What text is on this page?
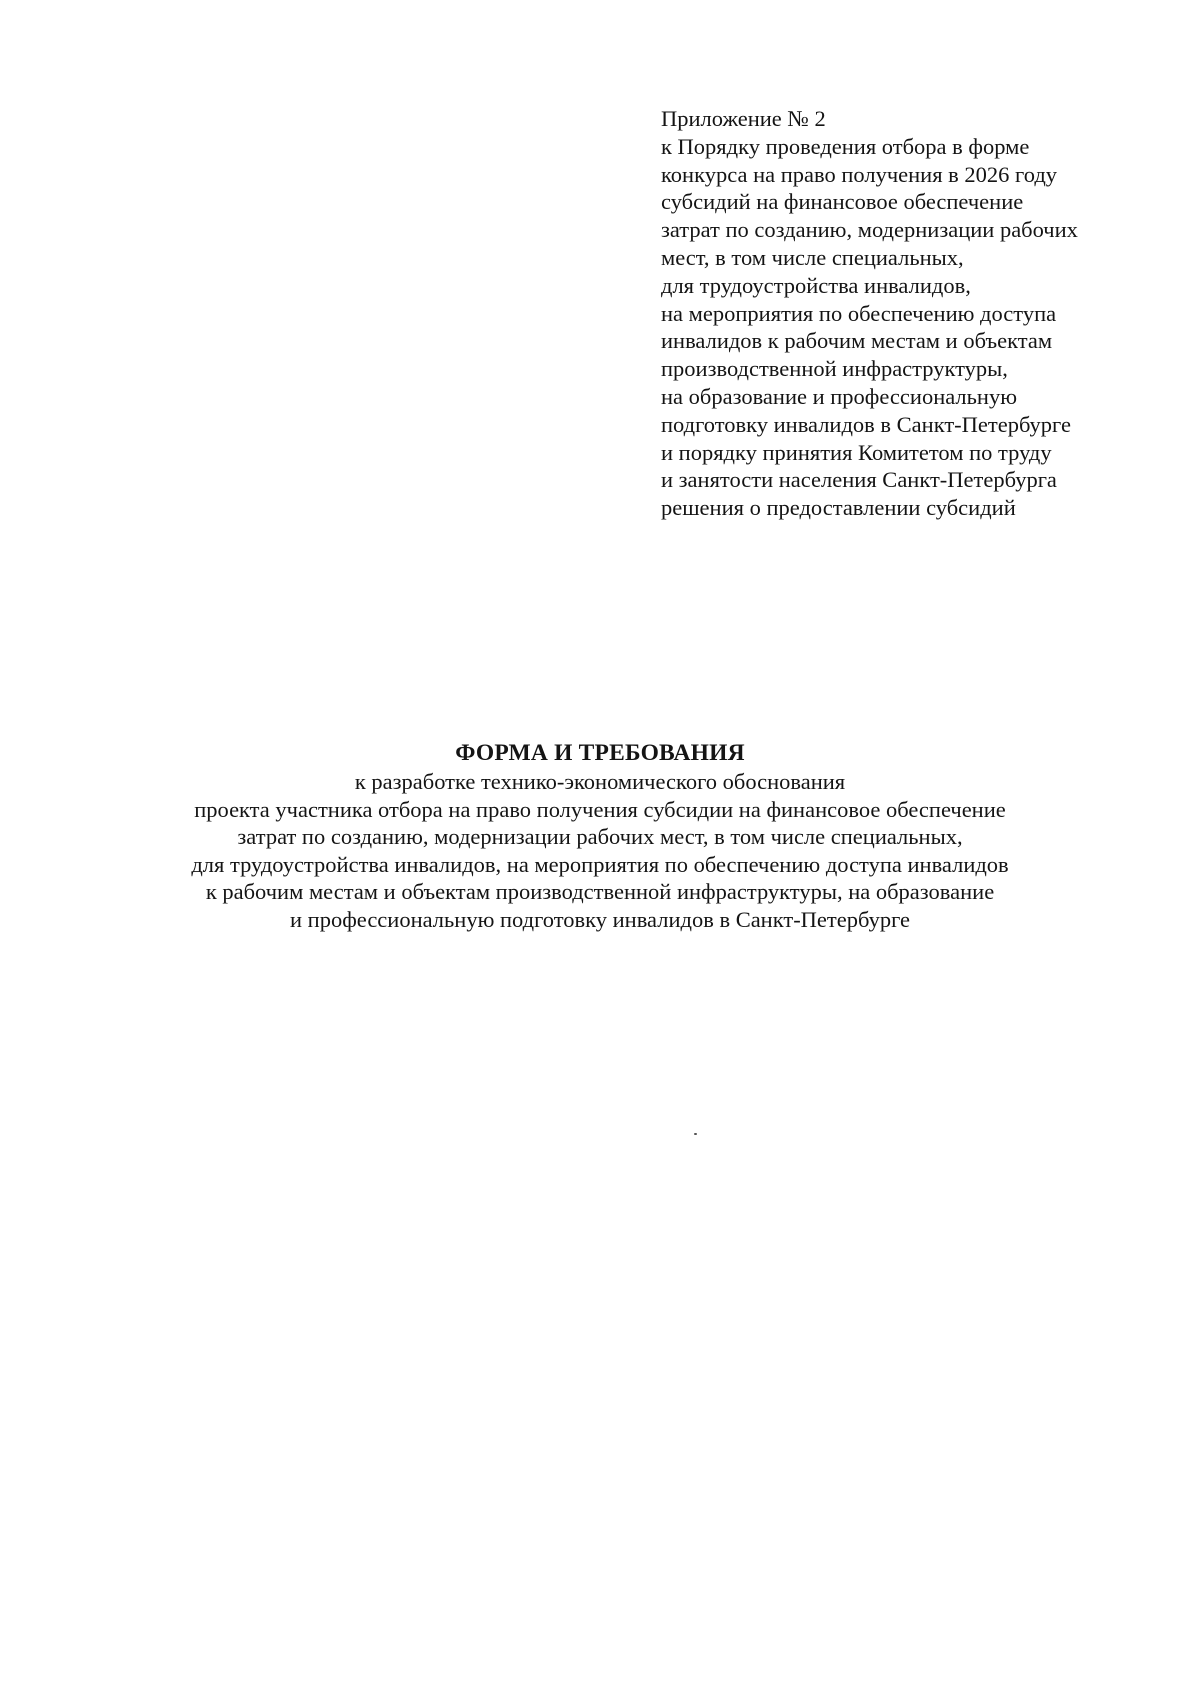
Приложение № 2
к Порядку проведения отбора в форме
конкурса на право получения в 2026 году
субсидий на финансовое обеспечение
затрат по созданию, модернизации рабочих
мест, в том числе специальных,
для трудоустройства инвалидов,
на мероприятия по обеспечению доступа
инвалидов к рабочим местам и объектам
производственной инфраструктуры,
на образование и профессиональную
подготовку инвалидов в Санкт-Петербурге
и порядку принятия Комитетом по труду
и занятости населения Санкт-Петербурга
решения о предоставлении субсидий
ФОРМА И ТРЕБОВАНИЯ
к разработке технико-экономического обоснования
проекта участника отбора на право получения субсидии на финансовое обеспечение
затрат по созданию, модернизации рабочих мест, в том числе специальных,
для трудоустройства инвалидов, на мероприятия по обеспечению доступа инвалидов
к рабочим местам и объектам производственной инфраструктуры, на образование
и профессиональную подготовку инвалидов в Санкт-Петербурге
